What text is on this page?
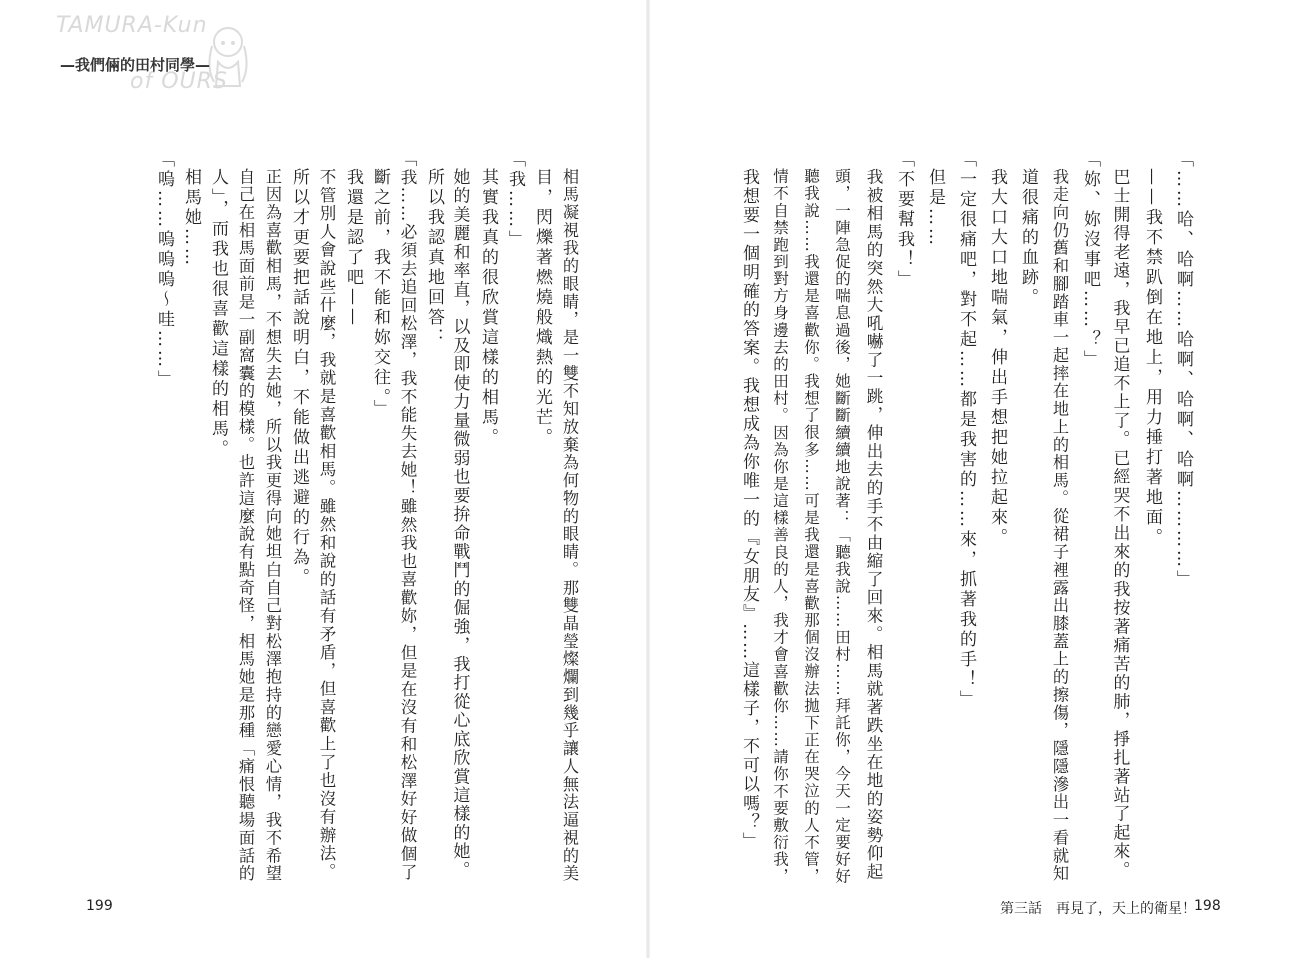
TAMURA-Kun
of OURS
—我們倆的田村同學—
「……哈、哈啊……哈啊、哈啊、哈啊…………」
——我不禁趴倒在地上，用力捶打著地面。
巴士開得老遠，我早已追不上了。已經哭不出來的我按著痛苦的肺，掙扎著站了起來。
「妳、妳沒事吧……？」
我走向仍舊和腳踏車一起摔在地上的相馬。從裙子裡露出膝蓋上的擦傷，隱隱滲出一看就知
道很痛的血跡。
我大口大口地喘氣，伸出手想把她拉起來。
「一定很痛吧，對不起……都是我害的……來，抓著我的手！」
但是……
「不要幫我！」
我被相馬的突然大吼嚇了一跳，伸出去的手不由縮了回來。相馬就著跌坐在地的姿勢仰起
頭，一陣急促的喘息過後，她斷斷續續地說著：「聽我說……田村……拜託你，今天一定要好好
聽我說……我還是喜歡你。我想了很多……可是我還是喜歡那個沒辦法拋下正在哭泣的人不管，
情不自禁跑到對方身邊去的田村。因為你是這樣善良的人，我才會喜歡你……請你不要敷衍我，
我想要一個明確的答案。我想成為你唯一的『女朋友』……這樣子，不可以嗎？」
相馬凝視我的眼睛，是一雙不知放棄為何物的眼睛。那雙晶瑩燦爛到幾乎讓人無法逼視的美
目，閃爍著燃燒般熾熱的光芒。
「我……」
其實我真的很欣賞這樣的相馬。
她的美麗和率直，以及即使力量微弱也要拚命戰鬥的倔強，我打從心底欣賞這樣的她。
所以我認真地回答：
「我……必須去追回松澤，我不能失去她！雖然我也喜歡妳，但是在沒有和松澤好好做個了
斷之前，我不能和妳交往。」
我還是認了吧——
不管別人會說些什麼，我就是喜歡相馬。雖然和說的話有矛盾，但喜歡上了也沒有辦法。
所以才更要把話說明白，不能做出逃避的行為。
正因為喜歡相馬，不想失去她，所以我更得向她坦白自己對松澤抱持的戀愛心情，我不希望
自己在相馬面前是一副窩囊的模樣。也許這麼說有點奇怪，相馬她是那種「痛恨聽場面話的
人」，而我也很喜歡這樣的相馬。
相馬她……
「嗚……嗚嗚嗚～哇……」
第三話　再見了，天上的衛星！
198
199
